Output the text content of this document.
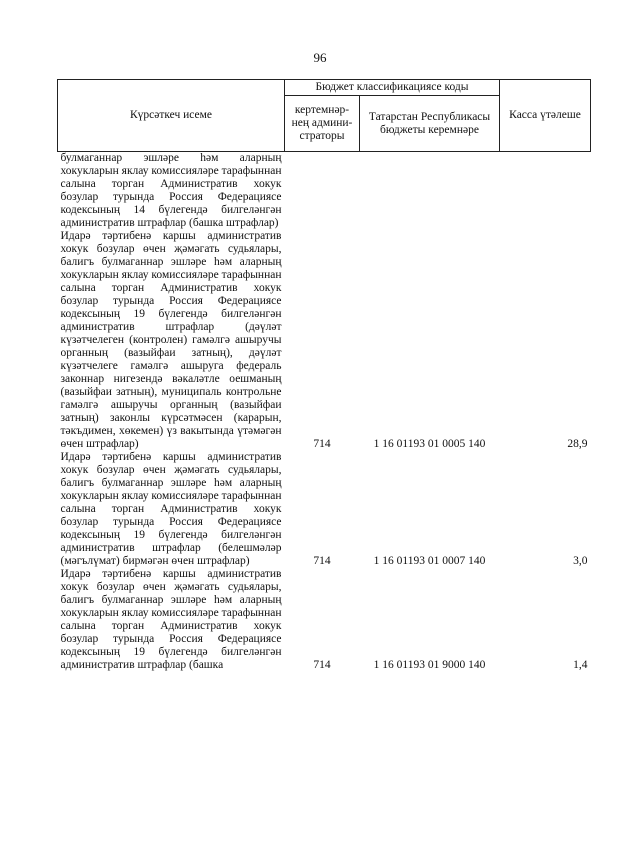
96
Күрсәткеч исеме	Бюджет классификациясе коды		Касса үтәлеше
	кертемнәр-нең админи-страторы	Татарстан Республикасы бюджеты керемнәре	
булмаганнар эшләре һәм аларның хокукларын яклау комиссияләре тарафыннан салына торган Административ хокук бозулар турында Россия Федерациясе кодексының 14 бүлегендә билгеләнгән административ штрафлар (башка штрафлар)			
Идарә тәртибенә каршы административ хокук бозулар өчен җәмәгать судьялары, балигъ булмаганнар эшләре һәм аларның хокукларын яклау комиссияләре тарафыннан салына торган Административ хокук бозулар турында Россия Федерациясе кодексының 19 бүлегендә билгеләнгән административ штрафлар (дәүләт күзәтчелеген (контролен) гамәлгә ашыручы органның (вазыйфаи затның), дәүләт күзәтчелеге гамәлгә ашыруга федераль законнар нигезендә вәкаләтле оешманың (вазыйфаи затның), муниципаль контрольне гамәлгә ашыручы органның (вазыйфаи затның) законлы күрсәтмәсен (карарын, тәкъдимен, хөкемен) үз вакытында үтәмәгән өчен штрафлар)	714	1 16 01193 01 0005 140	28,9
Идарә тәртибенә каршы административ хокук бозулар өчен җәмәгать судьялары, балигъ булмаганнар эшләре һәм аларның хокукларын яклау комиссияләре тарафыннан салына торган Административ хокук бозулар турында Россия Федерациясе кодексының 19 бүлегендә билгеләнгән административ штрафлар (белешмәләр (мәгълүмат) бирмәгән өчен штрафлар)	714	1 16 01193 01 0007 140	3,0
Идарә тәртибенә каршы административ хокук бозулар өчен җәмәгать судьялары, балигъ булмаганнар эшләре һәм аларның хокукларын яклау комиссияләре тарафыннан салына торган Административ хокук бозулар турында Россия Федерациясе кодексының 19 бүлегендә билгеләнгән административ штрафлар (башка	714	1 16 01193 01 9000 140	1,4
